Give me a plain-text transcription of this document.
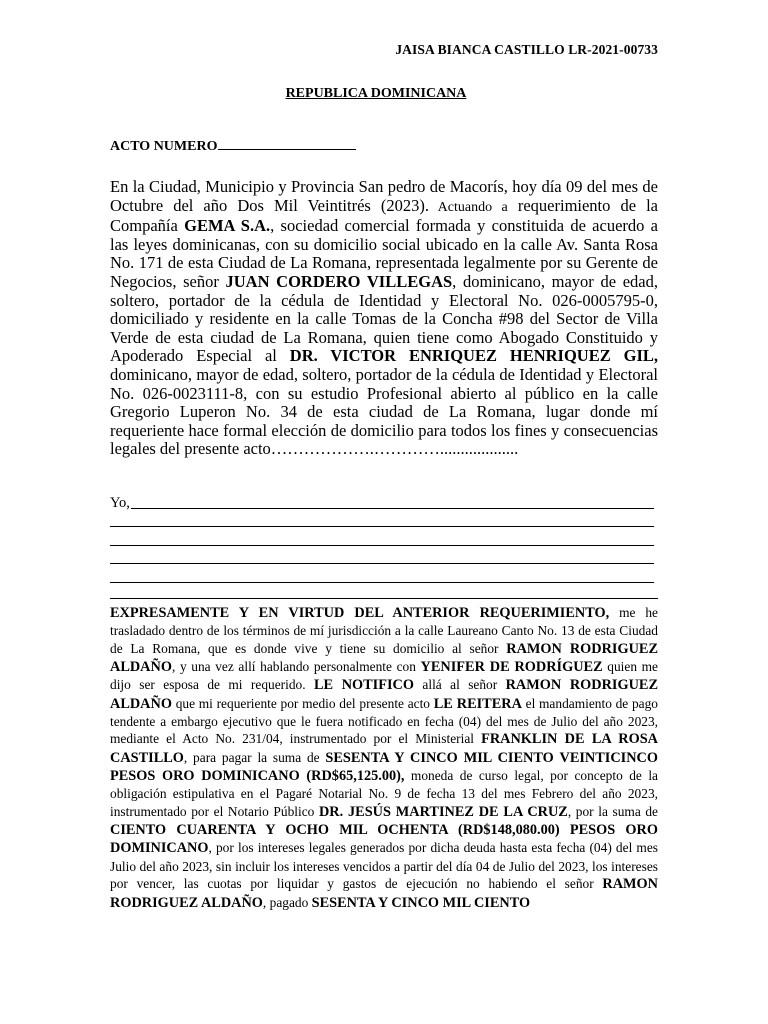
JAISA BIANCA CASTILLO LR-2021-00733
REPUBLICA DOMINICANA
ACTO NUMERO
En la Ciudad, Municipio y Provincia San pedro de Macorís, hoy día 09 del mes de Octubre del año Dos Mil Veintitrés (2023). Actuando a requerimiento de la Compañía GEMA S.A., sociedad comercial formada y constituida de acuerdo a las leyes dominicanas, con su domicilio social ubicado en la calle Av. Santa Rosa No. 171 de esta Ciudad de La Romana, representada legalmente por su Gerente de Negocios, señor JUAN CORDERO VILLEGAS, dominicano, mayor de edad, soltero, portador de la cédula de Identidad y Electoral No. 026-0005795-0, domiciliado y residente en la calle Tomas de la Concha #98 del Sector de Villa Verde de esta ciudad de La Romana, quien tiene como Abogado Constituido y Apoderado Especial al DR. VICTOR ENRIQUEZ HENRIQUEZ GIL, dominicano, mayor de edad, soltero, portador de la cédula de Identidad y Electoral No. 026-0023111-8, con su estudio Profesional abierto al público en la calle Gregorio Luperon No. 34 de esta ciudad de La Romana, lugar donde mí requeriente hace formal elección de domicilio para todos los fines y consecuencias legales del presente acto……………….…………...................
Yo,
EXPRESAMENTE Y EN VIRTUD DEL ANTERIOR REQUERIMIENTO, me he trasladado dentro de los términos de mí jurisdicción a la calle Laureano Canto No. 13 de esta Ciudad de La Romana, que es donde vive y tiene su domicilio al señor RAMON RODRIGUEZ ALDAÑO, y una vez allí hablando personalmente con YENIFER DE RODRÍGUEZ quien me dijo ser esposa de mi requerido. LE NOTIFICO allá al señor RAMON RODRIGUEZ ALDAÑO que mi requeriente por medio del presente acto LE REITERA el mandamiento de pago tendente a embargo ejecutivo que le fuera notificado en fecha (04) del mes de Julio del año 2023, mediante el Acto No. 231/04, instrumentado por el Ministerial FRANKLIN DE LA ROSA CASTILLO, para pagar la suma de SESENTA Y CINCO MIL CIENTO VEINTICINCO PESOS ORO DOMINICANO (RD$65,125.00), moneda de curso legal, por concepto de la obligación estipulativa en el Pagaré Notarial No. 9 de fecha 13 del mes Febrero del año 2023, instrumentado por el Notario Público DR. JESÚS MARTINEZ DE LA CRUZ, por la suma de CIENTO CUARENTA Y OCHO MIL OCHENTA (RD$148,080.00) PESOS ORO DOMINICANO, por los intereses legales generados por dicha deuda hasta esta fecha (04) del mes Julio del año 2023, sin incluir los intereses vencidos a partir del día 04 de Julio del 2023, los intereses por vencer, las cuotas por liquidar y gastos de ejecución no habiendo el señor RAMON RODRIGUEZ ALDAÑO, pagado SESENTA Y CINCO MIL CIENTO
